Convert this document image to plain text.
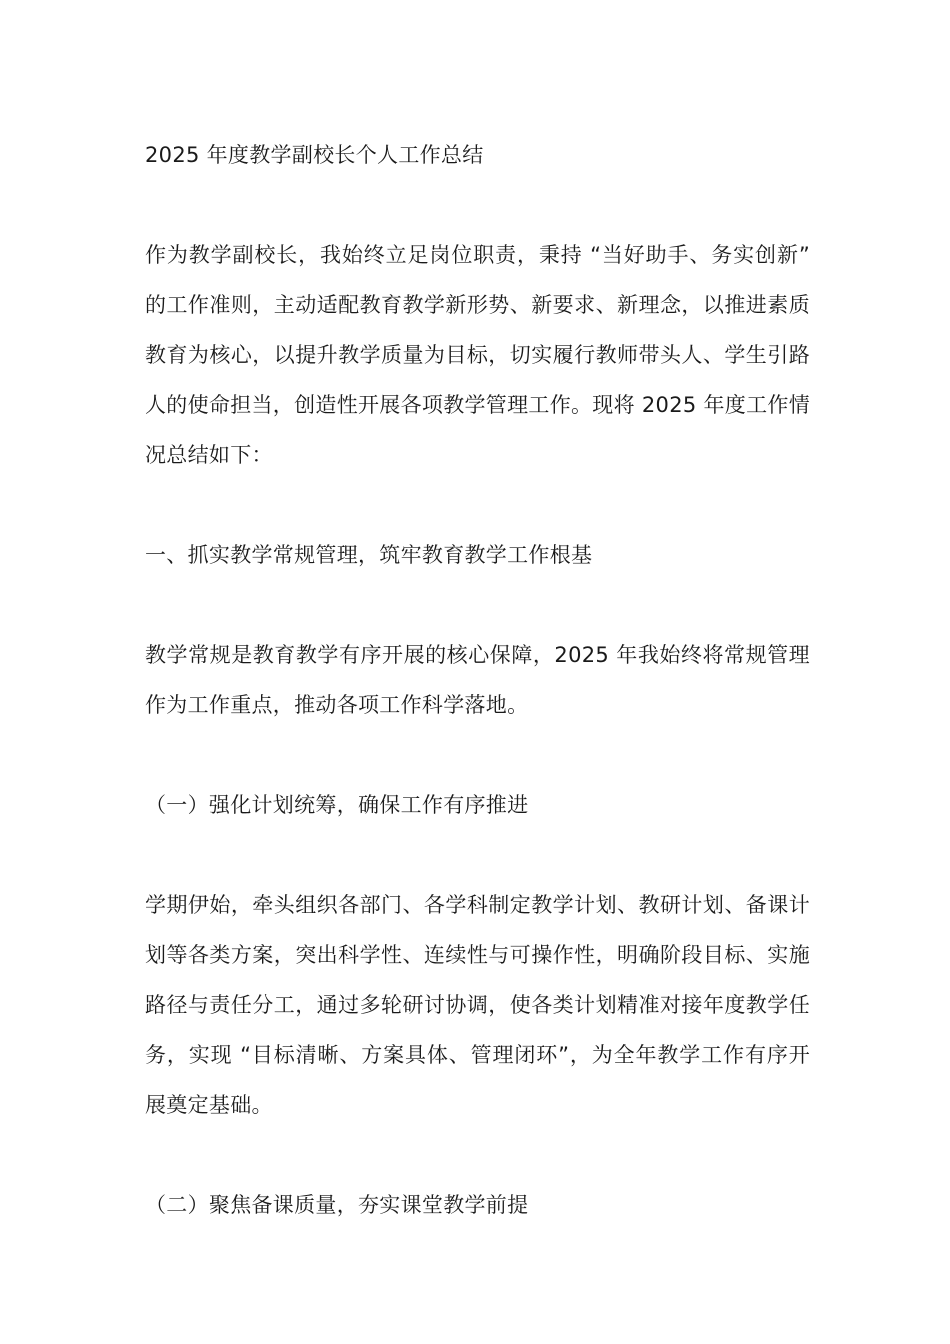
2025 年度教学副校长个人工作总结

作为教学副校长，我始终立足岗位职责，秉持 “当好助手、务实创新” 的工作准则，主动适配教育教学新形势、新要求、新理念，以推进素质教育为核心，以提升教学质量为目标，切实履行教师带头人、学生引路人的使命担当，创造性开展各项教学管理工作。现将 2025 年度工作情况总结如下：

一、抓实教学常规管理，筑牢教育教学工作根基

教学常规是教育教学有序开展的核心保障，2025 年我始终将常规管理作为工作重点，推动各项工作科学落地。

（一）强化计划统筹，确保工作有序推进

学期伊始，牵头组织各部门、各学科制定教学计划、教研计划、备课计划等各类方案，突出科学性、连续性与可操作性，明确阶段目标、实施路径与责任分工，通过多轮研讨协调，使各类计划精准对接年度教学任务，实现 “目标清晰、方案具体、管理闭环”，为全年教学工作有序开展奠定基础。

（二）聚焦备课质量，夯实课堂教学前提
